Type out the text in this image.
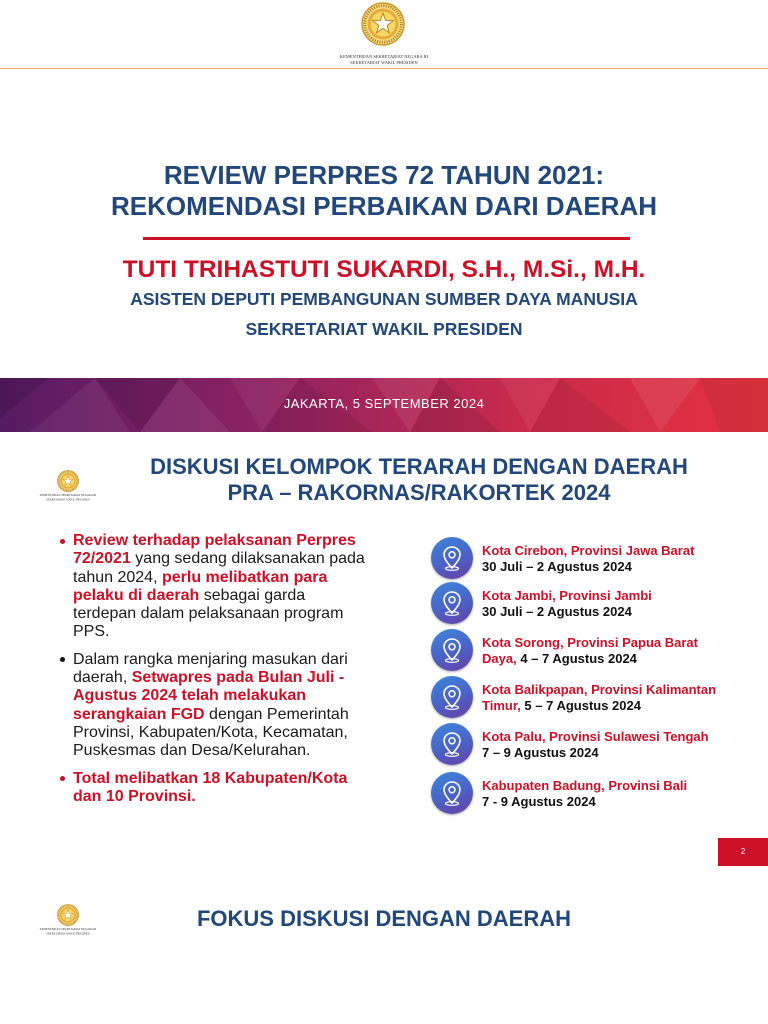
KEMENTERIAN SEKRETARIAT NEGARA RI
SEKRETARIAT WAKIL PRESIDEN
REVIEW PERPRES 72 TAHUN 2021:
REKOMENDASI PERBAIKAN DARI DAERAH
TUTI TRIHASTUTI SUKARDI, S.H., M.Si., M.H.
ASISTEN DEPUTI PEMBANGUNAN SUMBER DAYA MANUSIA
SEKRETARIAT WAKIL PRESIDEN
JAKARTA, 5 SEPTEMBER 2024
KEMENTERIAN SEKRETARIAT NEGARA RI
SEKRETARIAT WAKIL PRESIDEN
DISKUSI KELOMPOK TERARAH DENGAN DAERAH
PRA – RAKORNAS/RAKORTEK 2024

Review terhadap pelaksanan Perpres 72/2021 yang sedang dilaksanakan pada tahun 2024, perlu melibatkan para pelaku di daerah sebagai garda terdepan dalam pelaksanaan program PPS.

Dalam rangka menjaring masukan dari daerah, Setwapres pada Bulan Juli - Agustus 2024 telah melakukan serangkaian FGD dengan Pemerintah Provinsi, Kabupaten/Kota, Kecamatan, Puskesmas dan Desa/Kelurahan.

Total melibatkan 18 Kabupaten/Kota dan 10 Provinsi.

Kota Cirebon, Provinsi Jawa Barat
30 Juli – 2 Agustus 2024
Kota Jambi, Provinsi Jambi
30 Juli – 2 Agustus 2024
Kota Sorong, Provinsi Papua Barat Daya, 4 – 7 Agustus 2024
Kota Balikpapan, Provinsi Kalimantan Timur, 5 – 7 Agustus 2024
Kota Palu, Provinsi Sulawesi Tengah
7 – 9 Agustus 2024
Kabupaten Badung, Provinsi Bali
7 - 9 Agustus 2024
2
KEMENTERIAN SEKRETARIAT NEGARA RI
SEKRETARIAT WAKIL PRESIDEN
FOKUS DISKUSI DENGAN DAERAH
